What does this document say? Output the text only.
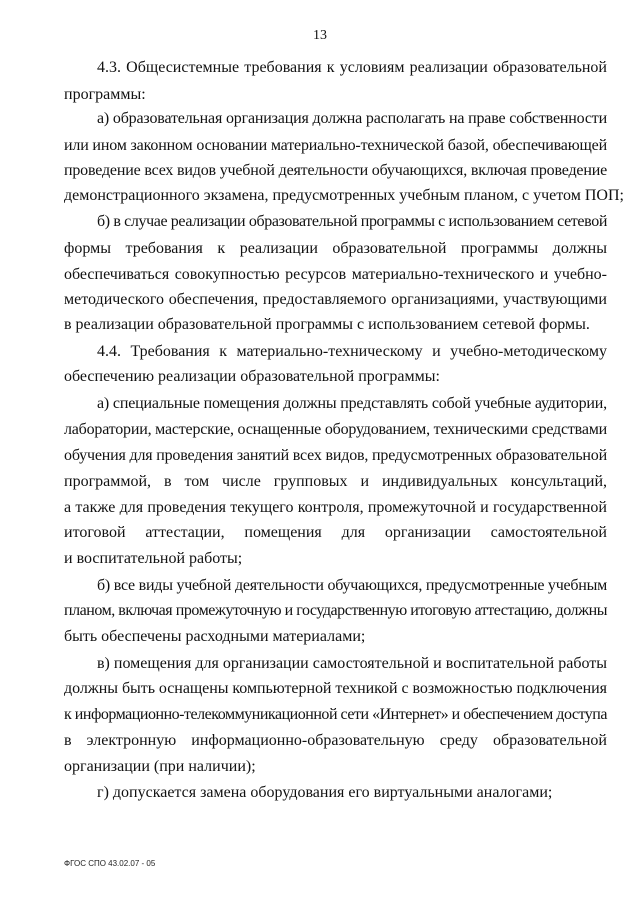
13
4.3. Общесистемные требования к условиям реализации образовательной
программы:
а) образовательная организация должна располагать на праве собственности
или ином законном основании материально-технической базой, обеспечивающей
проведение всех видов учебной деятельности обучающихся, включая проведение
демонстрационного экзамена, предусмотренных учебным планом, с учетом ПОП;
б) в случае реализации образовательной программы с использованием сетевой
формы требования к реализации образовательной программы должны
обеспечиваться совокупностью ресурсов материально-технического и учебно-
методического обеспечения, предоставляемого организациями, участвующими
в реализации образовательной программы с использованием сетевой формы.
4.4. Требования к материально-техническому и учебно-методическому
обеспечению реализации образовательной программы:
а) специальные помещения должны представлять собой учебные аудитории,
лаборатории, мастерские, оснащенные оборудованием, техническими средствами
обучения для проведения занятий всех видов, предусмотренных образовательной
программой, в том числе групповых и индивидуальных консультаций,
а также для проведения текущего контроля, промежуточной и государственной
итоговой аттестации, помещения для организации самостоятельной
и воспитательной работы;
б) все виды учебной деятельности обучающихся, предусмотренные учебным
планом, включая промежуточную и государственную итоговую аттестацию, должны
быть обеспечены расходными материалами;
в) помещения для организации самостоятельной и воспитательной работы
должны быть оснащены компьютерной техникой с возможностью подключения
к информационно-телекоммуникационной сети «Интернет» и обеспечением доступа
в электронную информационно-образовательную среду образовательной
организации (при наличии);
г) допускается замена оборудования его виртуальными аналогами;
ФГОС СПО 43.02.07 - 05
